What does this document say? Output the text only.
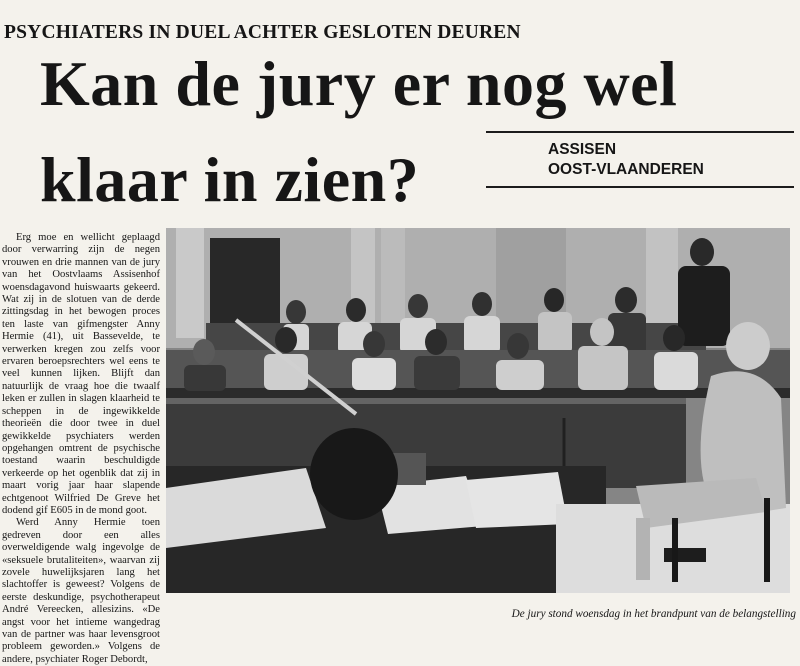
PSYCHIATERS IN DUEL ACHTER GESLOTEN DEUREN
Kan de jury er nog wel
klaar in zien?	ASSISEN
OOST-VLAANDEREN

Erg moe en wellicht geplaagd door verwarring zijn de negen vrouwen en drie mannen van de jury van het Oostvlaams Assisenhof woensdagavond huiswaarts gekeerd. Wat zij in de slotuen van de derde zittingsdag in het bewogen proces ten laste van gifmengster Anny Hermie (41), uit Bassevelde, te verwerken kregen zou zelfs voor ervaren beroepsrechters wel eens te veel kunnen lijken. Blijft dan natuurlijk de vraag hoe die twaalf leken er zullen in slagen klaarheid te scheppen in de ingewikkelde theorieën die door twee in duel gewikkelde psychiaters werden opgehangen omtrent de psychische toestand waarin beschuldigde verkeerde op het ogenblik dat zij in maart vorig jaar haar slapende echtgenoot Wilfried De Greve het dodend gif E605 in de mond goot.

Werd Anny Hermie toen gedreven door een alles overweldigende walg ingevolge de «seksuele brutaliteiten», waarvan zij zovele huwelijksjaren lang het slachtoffer is geweest? Volgens de eerste deskundige, psychotherapeut André Vereecken, allesizins. «De angst voor het intieme wangedrag van de partner was haar levensgroot probleem geworden.» Volgens de andere, psychiater Roger Debordt,

De jury stond woensdag in het brandpunt van de belangstelling
